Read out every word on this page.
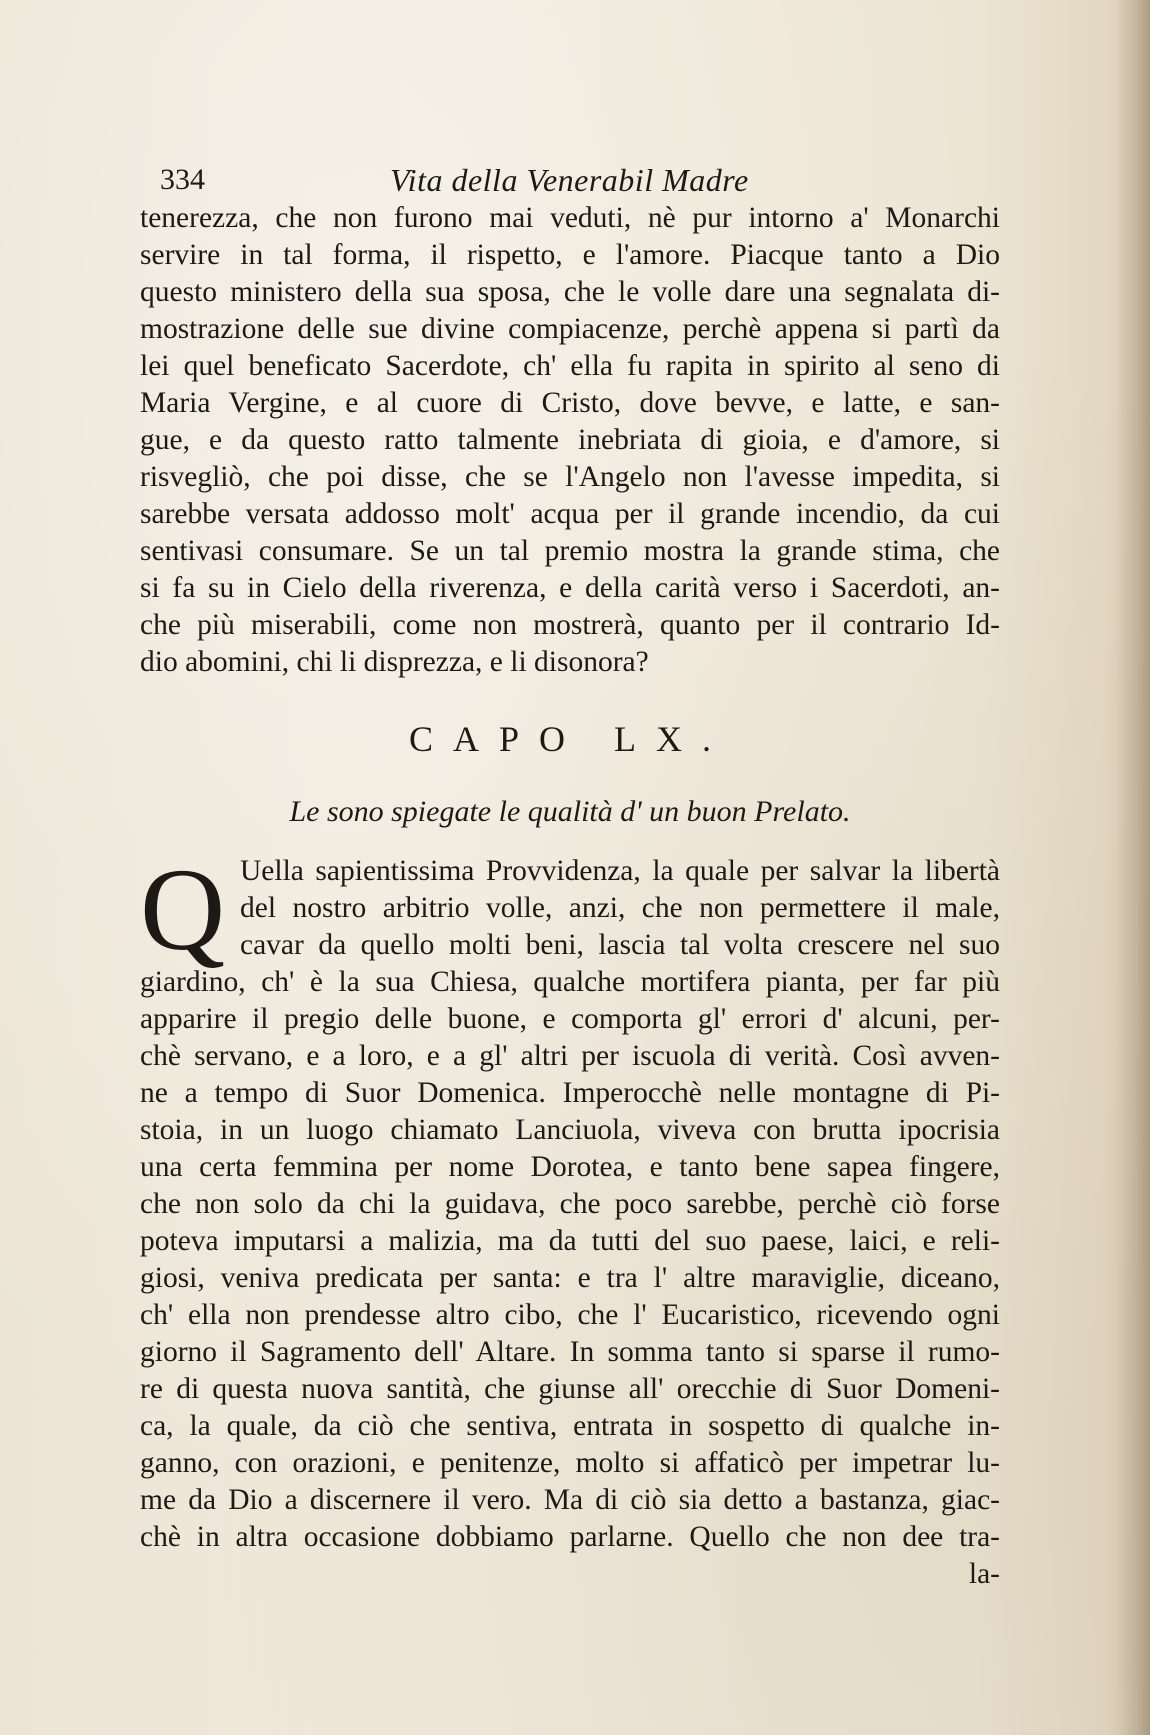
334	Vita della Venerabil Madre
tenerezza, che non furono mai veduti, nè pur intorno a' Monarchi
servire in tal forma, il rispetto, e l'amore. Piacque tanto a Dio
questo ministero della sua sposa, che le volle dare una segnalata di-
mostrazione delle sue divine compiacenze, perchè appena si partì da
lei quel beneficato Sacerdote, ch' ella fu rapita in spirito al seno di
Maria Vergine, e al cuore di Cristo, dove bevve, e latte, e san-
gue, e da questo ratto talmente inebriata di gioia, e d'amore, si
risvegliò, che poi disse, che se l'Angelo non l'avesse impedita, si
sarebbe versata addosso molt' acqua per il grande incendio, da cui
sentivasi consumare. Se un tal premio mostra la grande stima, che
si fa su in Cielo della riverenza, e della carità verso i Sacerdoti, an-
che più miserabili, come non mostrerà, quanto per il contrario Id-
dio abomini, chi li disprezza, e li disonora?
CAPO LX.
Le sono spiegate le qualità d' un buon Prelato.
Q Uella sapientissima Provvidenza, la quale per salvar la libertà
del nostro arbitrio volle, anzi, che non permettere il male,
cavar da quello molti beni, lascia tal volta crescere nel suo
giardino, ch' è la sua Chiesa, qualche mortifera pianta, per far più
apparire il pregio delle buone, e comporta gl' errori d' alcuni, per-
chè servano, e a loro, e a gl' altri per iscuola di verità. Così avven-
ne a tempo di Suor Domenica. Imperocchè nelle montagne di Pi-
stoia, in un luogo chiamato Lanciuola, viveva con brutta ipocrisia
una certa femmina per nome Dorotea, e tanto bene sapea fingere,
che non solo da chi la guidava, che poco sarebbe, perchè ciò forse
poteva imputarsi a malizia, ma da tutti del suo paese, laici, e reli-
giosi, veniva predicata per santa: e tra l' altre maraviglie, diceano,
ch' ella non prendesse altro cibo, che l' Eucaristico, ricevendo ogni
giorno il Sagramento dell' Altare. In somma tanto si sparse il rumo-
re di questa nuova santità, che giunse all' orecchie di Suor Domeni-
ca, la quale, da ciò che sentiva, entrata in sospetto di qualche in-
ganno, con orazioni, e penitenze, molto si affaticò per impetrar lu-
me da Dio a discernere il vero. Ma di ciò sia detto a bastanza, giac-
chè in altra occasione dobbiamo parlarne. Quello che non dee tra-
la-
